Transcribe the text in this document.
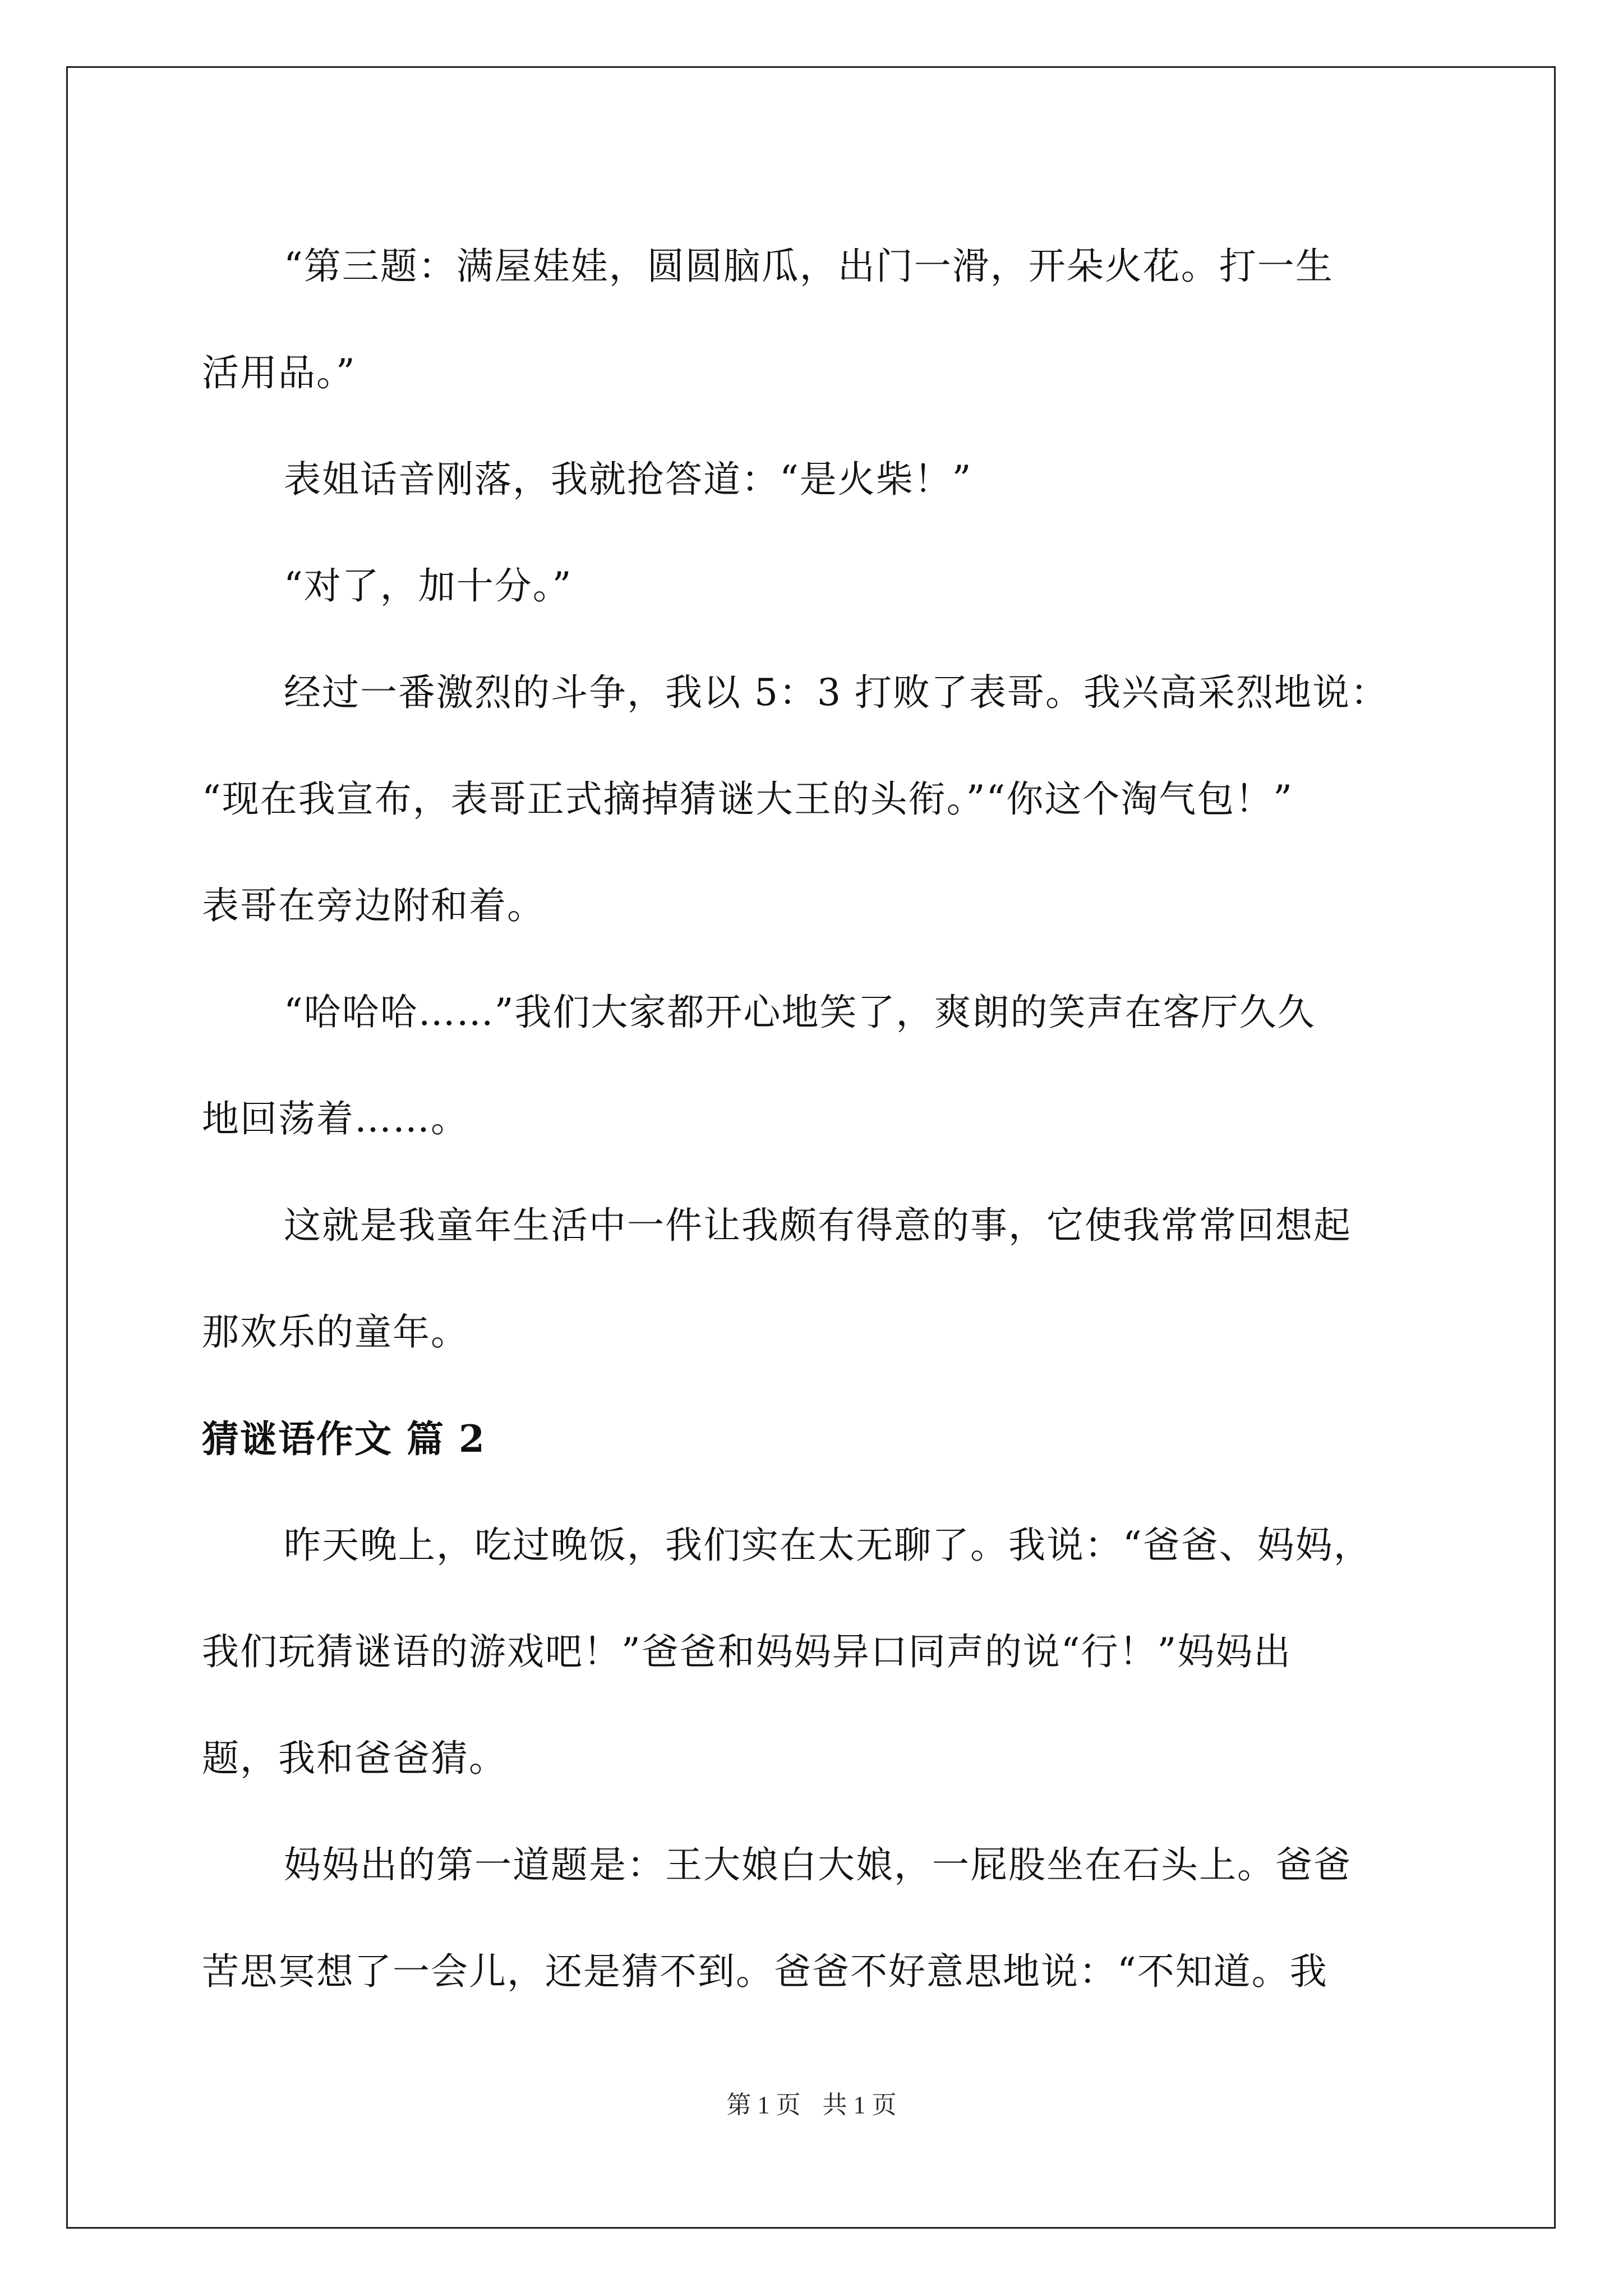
“第三题：满屋娃娃，圆圆脑瓜，出门一滑，开朵火花。打一生

活用品。”

表姐话音刚落，我就抢答道：“是火柴！”

“对了，加十分。”

经过一番激烈的斗争，我以 5：3 打败了表哥。我兴高采烈地说：

“现在我宣布，表哥正式摘掉猜谜大王的头衔。”“你这个淘气包！”

表哥在旁边附和着。

“哈哈哈……”我们大家都开心地笑了，爽朗的笑声在客厅久久

地回荡着……。

这就是我童年生活中一件让我颇有得意的事，它使我常常回想起

那欢乐的童年。

猜谜语作文 篇 2

昨天晚上，吃过晚饭，我们实在太无聊了。我说：“爸爸、妈妈，

我们玩猜谜语的游戏吧！”爸爸和妈妈异口同声的说“行！”妈妈出

题，我和爸爸猜。

妈妈出的第一道题是：王大娘白大娘，一屁股坐在石头上。爸爸

苦思冥想了一会儿，还是猜不到。爸爸不好意思地说：“不知道。我

第 1 页 共 1 页
